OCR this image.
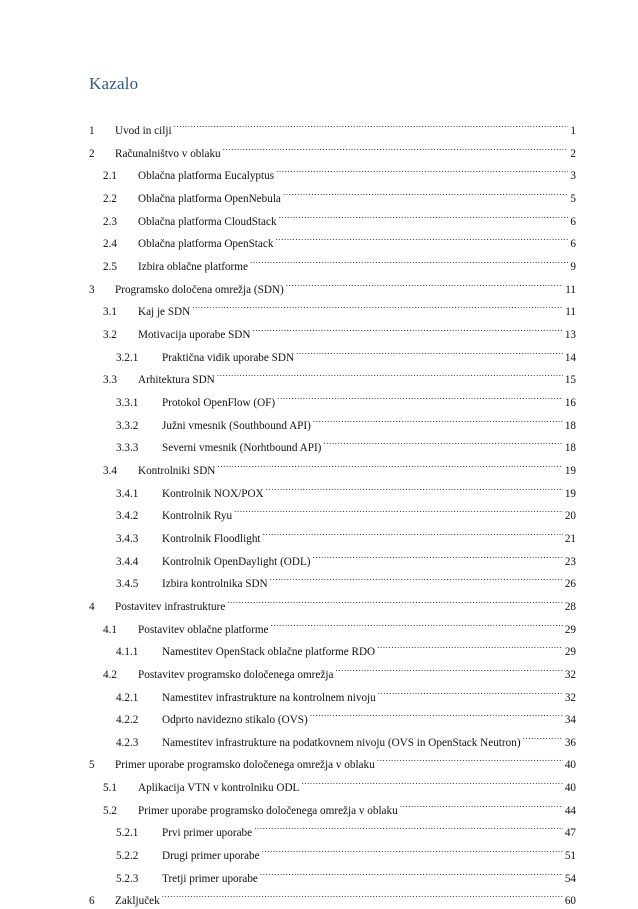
Kazalo
1	Uvod in cilji .....	1
2	Računalništvo v oblaku .....	2
2.1	Oblačna platforma Eucalyptus .....	3
2.2	Oblačna platforma OpenNebula .....	5
2.3	Oblačna platforma CloudStack .....	6
2.4	Oblačna platforma OpenStack .....	6
2.5	Izbira oblačne platforme .....	9
3	Programsko določena omrežja (SDN) .....	11
3.1	Kaj je SDN .....	11
3.2	Motivacija uporabe SDN .....	13
3.2.1	Praktična vidik uporabe SDN .....	14
3.3	Arhitektura SDN .....	15
3.3.1	Protokol OpenFlow (OF) .....	16
3.3.2	Južni vmesnik (Southbound API) .....	18
3.3.3	Severni vmesnik (Norhtbound API) .....	18
3.4	Kontrolniki SDN .....	19
3.4.1	Kontrolnik NOX/POX .....	19
3.4.2	Kontrolnik Ryu .....	20
3.4.3	Kontrolnik Floodlight .....	21
3.4.4	Kontrolnik OpenDaylight (ODL) .....	23
3.4.5	Izbira kontrolnika SDN .....	26
4	Postavitev infrastrukture .....	28
4.1	Postavitev oblačne platforme .....	29
4.1.1	Namestitev OpenStack oblačne platforme RDO .....	29
4.2	Postavitev programsko določenega omrežja .....	32
4.2.1	Namestitev infrastrukture na kontrolnem nivoju .....	32
4.2.2	Odprto navidezno stikalo (OVS) .....	34
4.2.3	Namestitev infrastrukture na podatkovnem nivoju (OVS in OpenStack Neutron) .....	36
5	Primer uporabe programsko določenega omrežja v oblaku .....	40
5.1	Aplikacija VTN v kontrolniku ODL .....	40
5.2	Primer uporabe programsko določenega omrežja v oblaku .....	44
5.2.1	Prvi primer uporabe .....	47
5.2.2	Drugi primer uporabe .....	51
5.2.3	Tretji primer uporabe .....	54
6	Zaključek .....	60
